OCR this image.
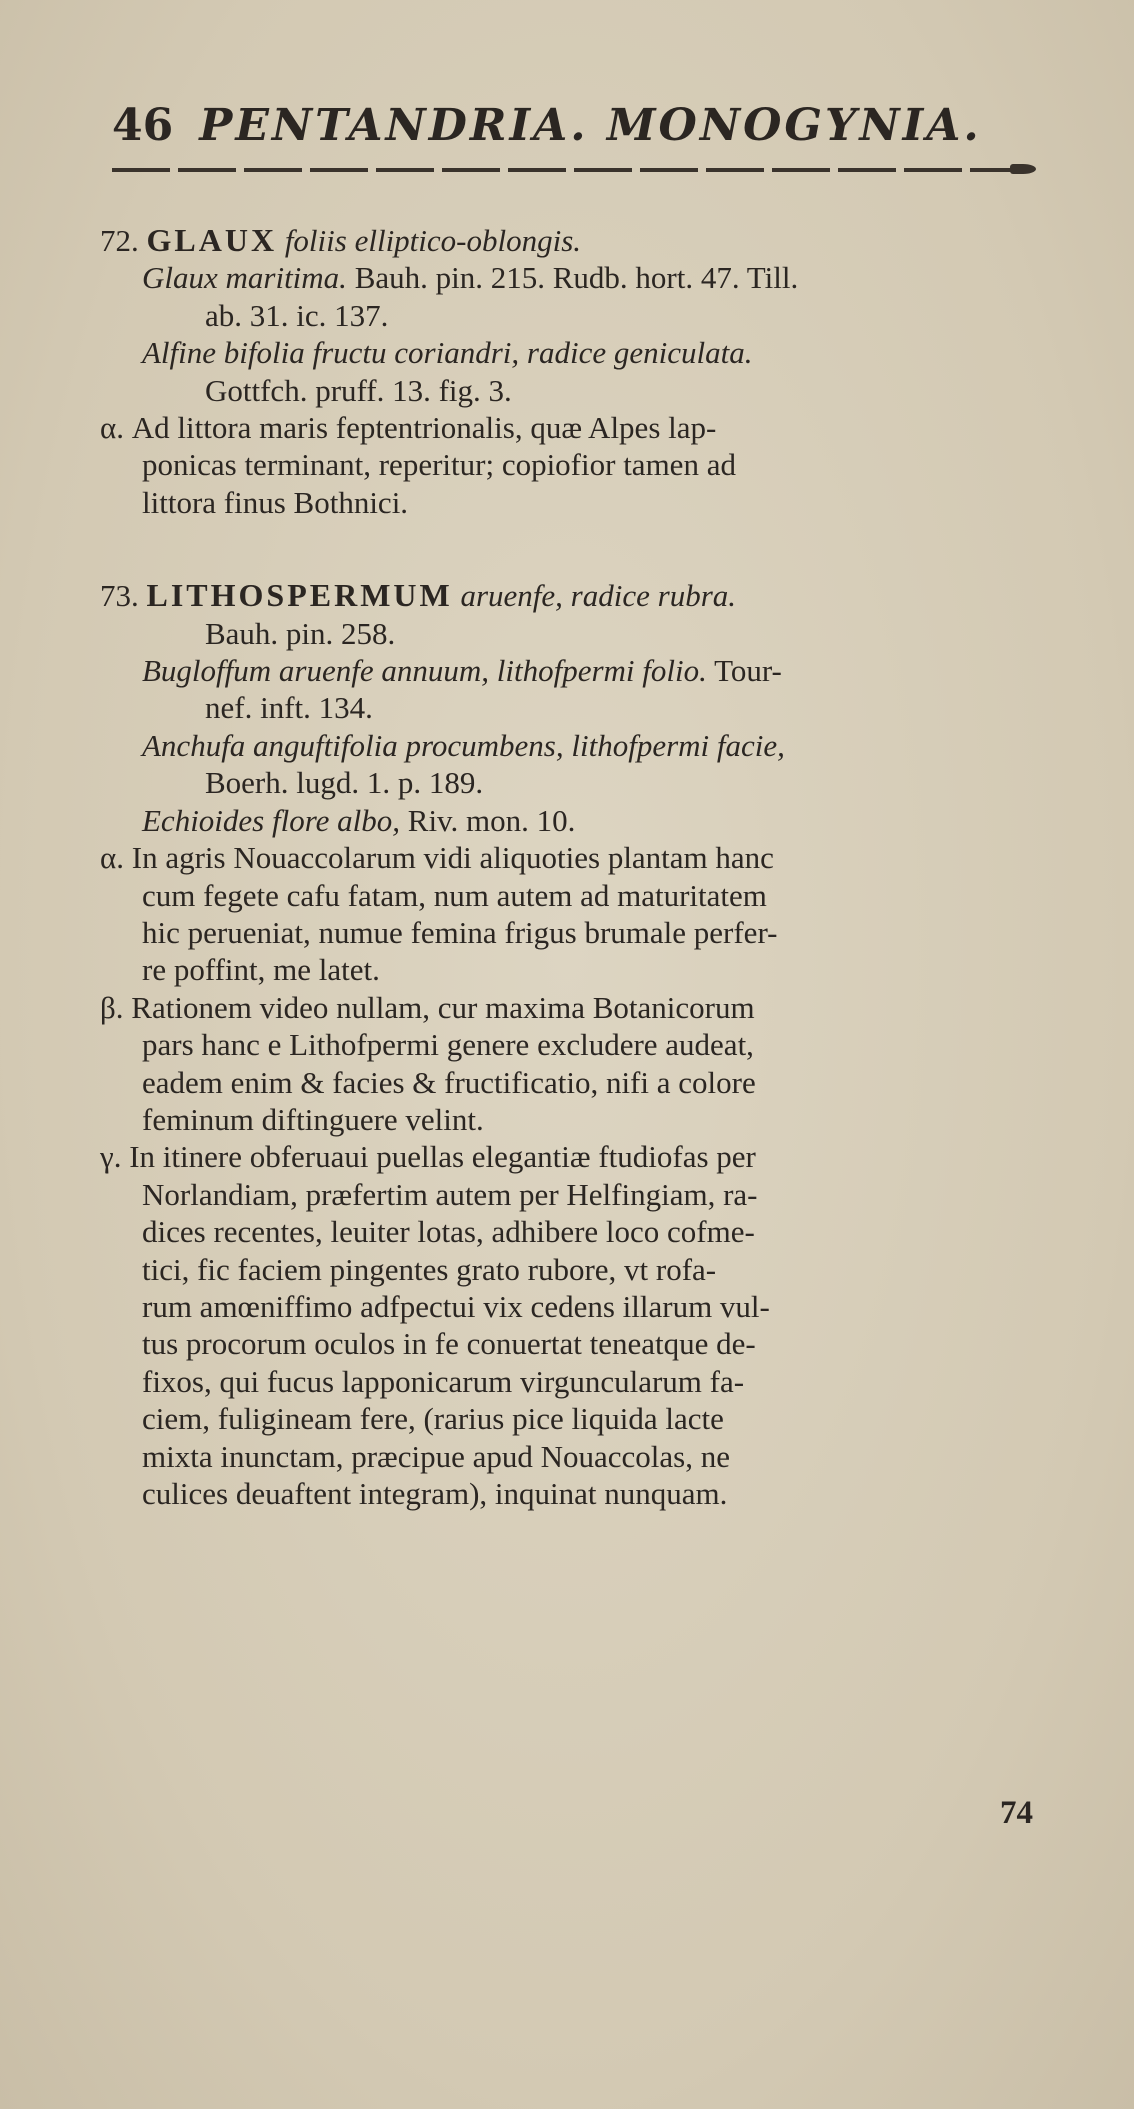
46 PENTANDRIA. MONOGYNIA.
72. GLAUX foliis elliptico-oblongis.
Glaux maritima. Bauh. pin. 215. Rudb. hort. 47. Till.
ab. 31. ic. 137.
Alfine bifolia fructu coriandri, radice geniculata.
Gottfch. pruff. 13. fig. 3.
α. Ad littora maris feptentrionalis, quæ Alpes lap-
ponicas terminant, reperitur; copiofior tamen ad
littora finus Bothnici.
73. LITHOSPERMUM aruenfe, radice rubra.
Bauh. pin. 258.
Bugloffum aruenfe annuum, lithofpermi folio. Tour-
nef. inft. 134.
Anchufa anguftifolia procumbens, lithofpermi facie,
Boerh. lugd. 1. p. 189.
Echioides flore albo, Riv. mon. 10.
α. In agris Nouaccolarum vidi aliquoties plantam hanc
cum fegete cafu fatam, num autem ad maturitatem
hic perueniat, numue femina frigus brumale perfer-
re poffint, me latet.
β. Rationem video nullam, cur maxima Botanicorum
pars hanc e Lithofpermi genere excludere audeat,
eadem enim & facies & fructificatio, nifi a colore
feminum diftinguere velint.
γ. In itinere obferuaui puellas elegantiæ ftudiofas per
Norlandiam, præfertim autem per Helfingiam, ra-
dices recentes, leuiter lotas, adhibere loco cofme-
tici, fic faciem pingentes grato rubore, vt rofa-
rum amœniffimo adfpectui vix cedens illarum vul-
tus procorum oculos in fe conuertat teneatque de-
fixos, qui fucus lapponicarum virguncularum fa-
ciem, fuligineam fere, (rarius pice liquida lacte
mixta inunctam, præcipue apud Nouaccolas, ne
culices deuaftent integram), inquinat nunquam.
74
